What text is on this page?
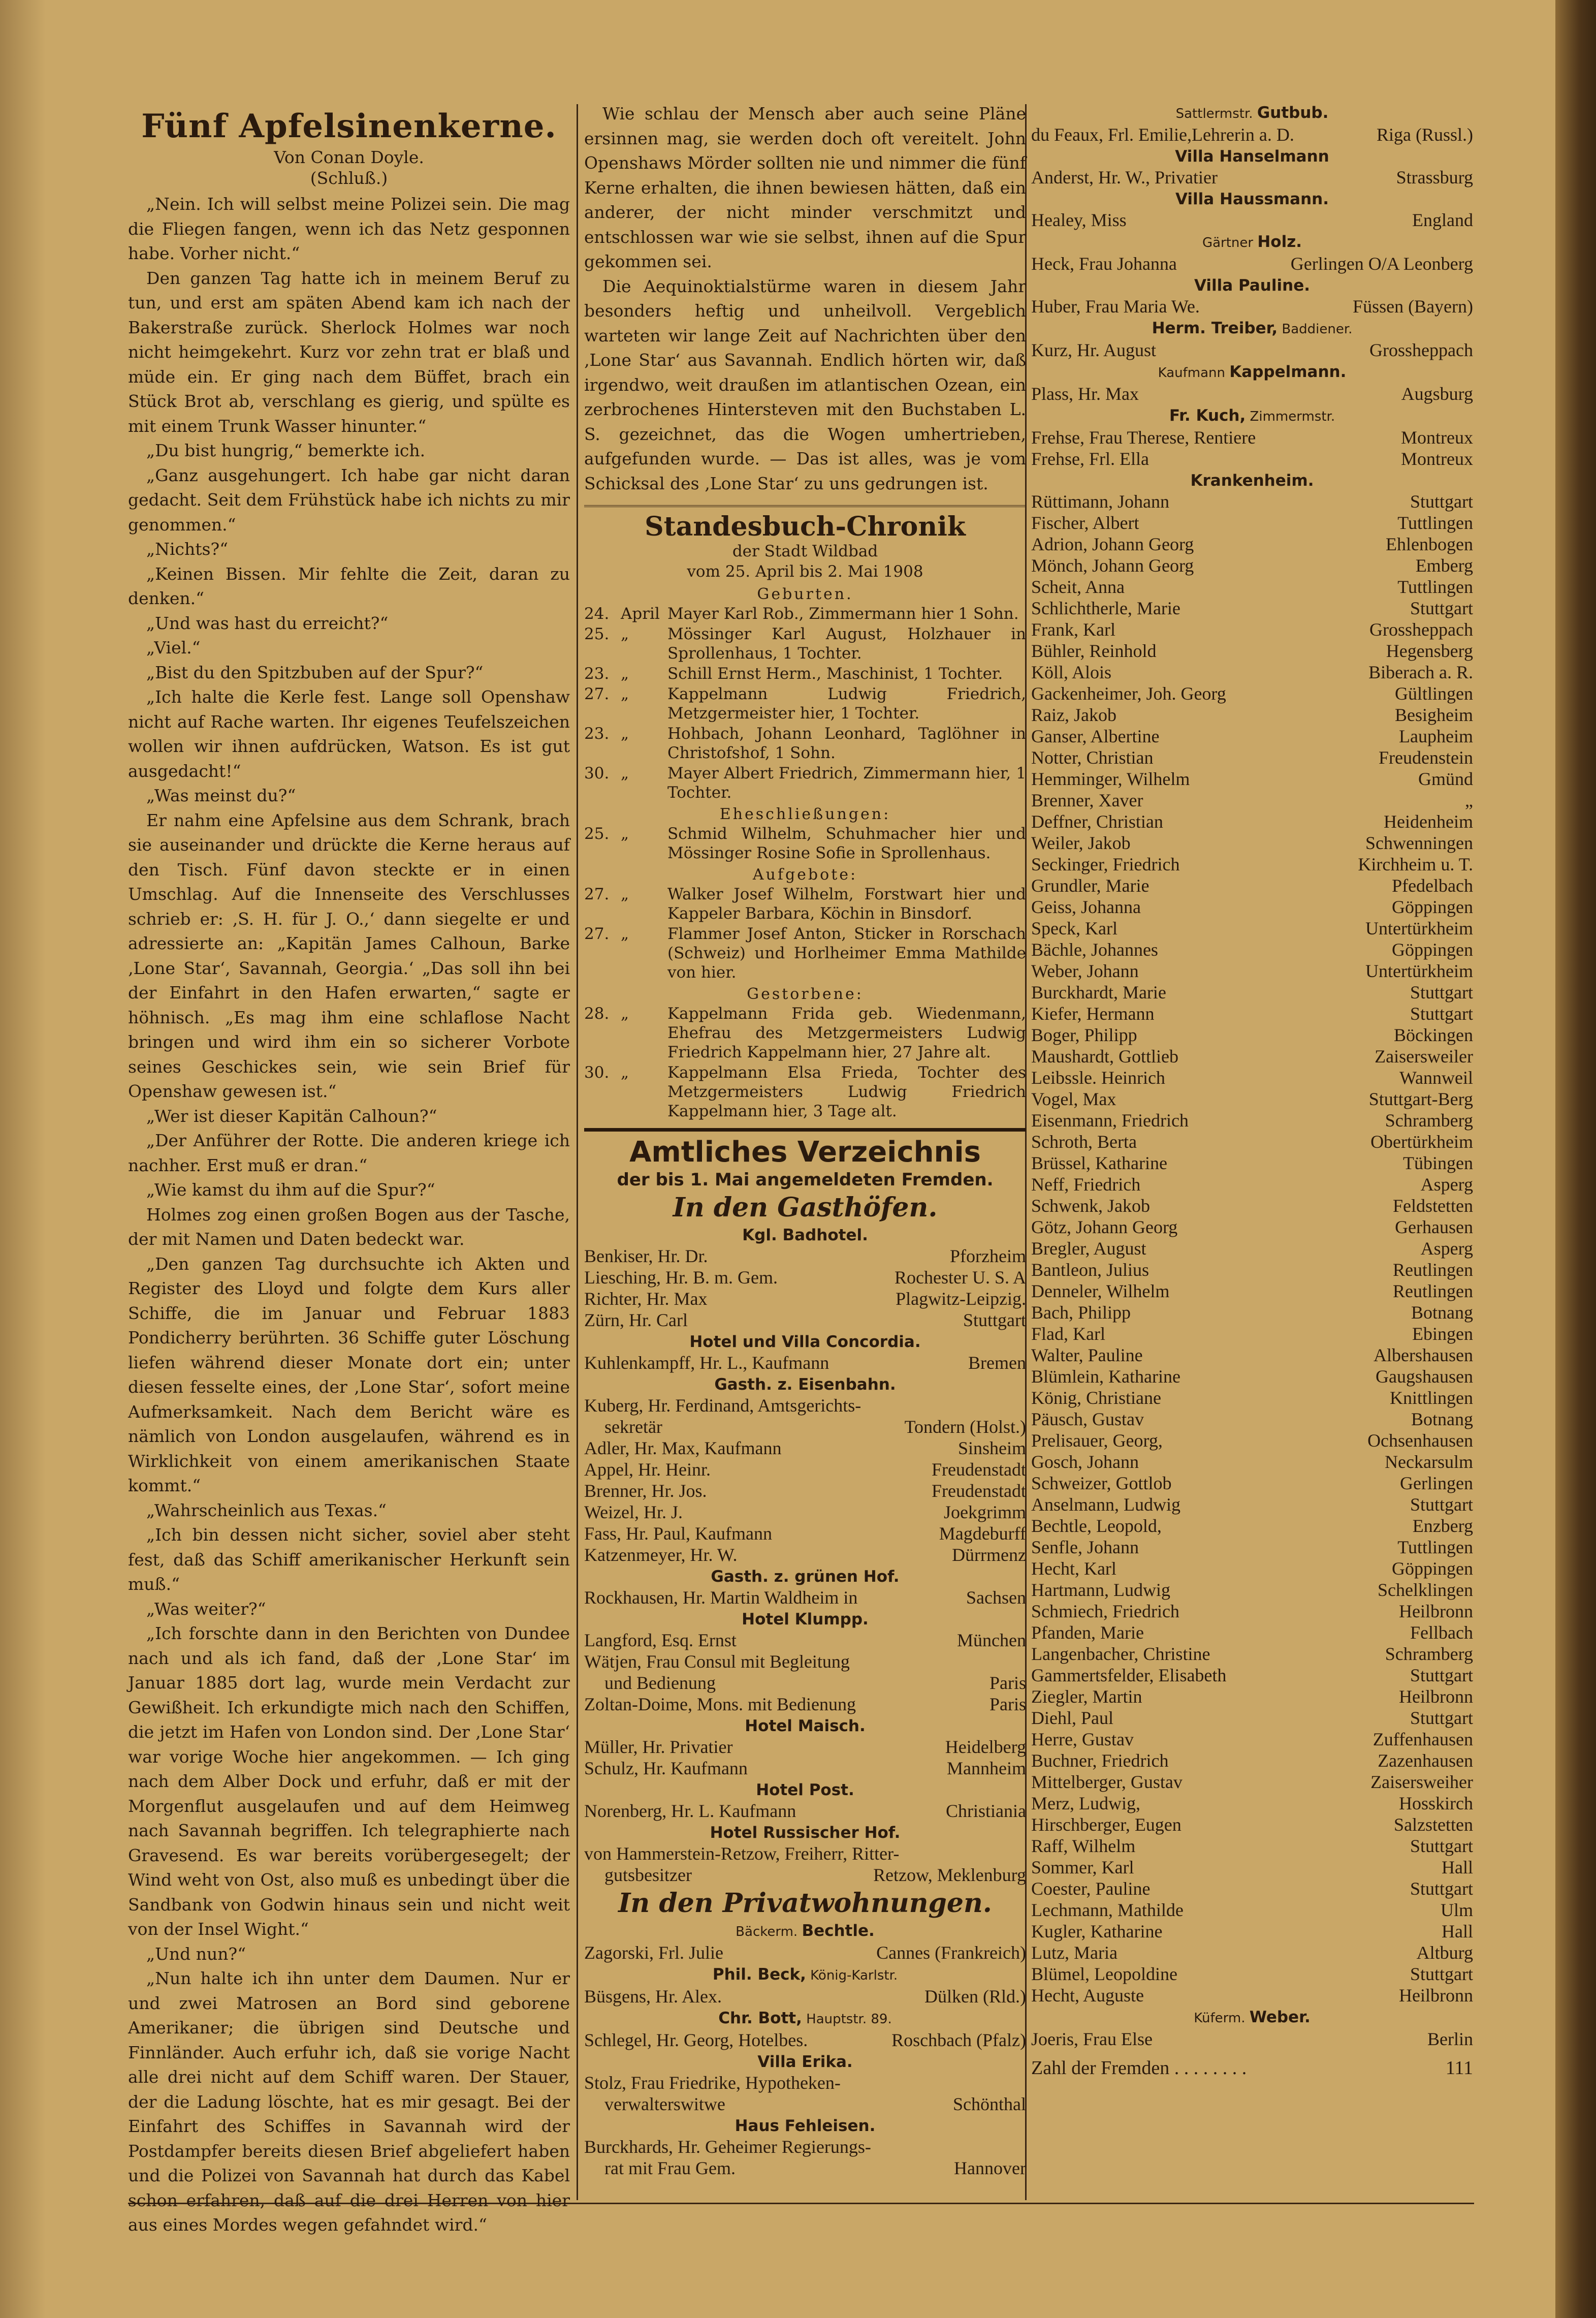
Fünf Apfelsinenkerne.
Von Conan Doyle.
(Schluß.)

„Nein. Ich will selbst meine Polizei sein. Die mag die Fliegen fangen, wenn ich das Netz gesponnen habe. Vorher nicht.“

Den ganzen Tag hatte ich in meinem Beruf zu tun, und erst am späten Abend kam ich nach der Bakerstraße zurück. Sherlock Holmes war noch nicht heimgekehrt. Kurz vor zehn trat er blaß und müde ein. Er ging nach dem Büffet, brach ein Stück Brot ab, verschlang es gierig, und spülte es mit einem Trunk Wasser hinunter.“

„Du bist hungrig,“ bemerkte ich.

„Ganz ausgehungert. Ich habe gar nicht daran gedacht. Seit dem Frühstück habe ich nichts zu mir genommen.“

„Nichts?“

„Keinen Bissen. Mir fehlte die Zeit, daran zu denken.“

„Und was hast du erreicht?“

„Viel.“

„Bist du den Spitzbuben auf der Spur?“

„Ich halte die Kerle fest. Lange soll Openshaw nicht auf Rache warten. Ihr eigenes Teufelszeichen wollen wir ihnen aufdrücken, Watson. Es ist gut ausgedacht!“

„Was meinst du?“

Er nahm eine Apfelsine aus dem Schrank, brach sie auseinander und drückte die Kerne heraus auf den Tisch. Fünf davon steckte er in einen Umschlag. Auf die Innenseite des Verschlusses schrieb er: ‚S. H. für J. O.,‘ dann siegelte er und adressierte an: „Kapitän James Calhoun, Barke ‚Lone Star‘, Savannah, Georgia.‘ „Das soll ihn bei der Einfahrt in den Hafen erwarten,“ sagte er höhnisch. „Es mag ihm eine schlaflose Nacht bringen und wird ihm ein so sicherer Vorbote seines Geschickes sein, wie sein Brief für Openshaw gewesen ist.“

„Wer ist dieser Kapitän Calhoun?“

„Der Anführer der Rotte. Die anderen kriege ich nachher. Erst muß er dran.“

„Wie kamst du ihm auf die Spur?“

Holmes zog einen großen Bogen aus der Tasche, der mit Namen und Daten bedeckt war.

„Den ganzen Tag durchsuchte ich Akten und Register des Lloyd und folgte dem Kurs aller Schiffe, die im Januar und Februar 1883 Pondicherry berührten. 36 Schiffe guter Löschung liefen während dieser Monate dort ein; unter diesen fesselte eines, der ‚Lone Star‘, sofort meine Aufmerksamkeit. Nach dem Bericht wäre es nämlich von London ausgelaufen, während es in Wirklichkeit von einem amerikanischen Staate kommt.“

„Wahrscheinlich aus Texas.“

„Ich bin dessen nicht sicher, soviel aber steht fest, daß das Schiff amerikanischer Herkunft sein muß.“

„Was weiter?“

„Ich forschte dann in den Berichten von Dundee nach und als ich fand, daß der ‚Lone Star‘ im Januar 1885 dort lag, wurde mein Verdacht zur Gewißheit. Ich erkundigte mich nach den Schiffen, die jetzt im Hafen von London sind. Der ‚Lone Star‘ war vorige Woche hier angekommen. — Ich ging nach dem Alber Dock und erfuhr, daß er mit der Morgenflut ausgelaufen und auf dem Heimweg nach Savannah begriffen. Ich telegraphierte nach Gravesend. Es war bereits vorübergesegelt; der Wind weht von Ost, also muß es unbedingt über die Sandbank von Godwin hinaus sein und nicht weit von der Insel Wight.“

„Und nun?“

„Nun halte ich ihn unter dem Daumen. Nur er und zwei Matrosen an Bord sind geborene Amerikaner; die übrigen sind Deutsche und Finnländer. Auch erfuhr ich, daß sie vorige Nacht alle drei nicht auf dem Schiff waren. Der Stauer, der die Ladung löschte, hat es mir gesagt. Bei der Einfahrt des Schiffes in Savannah wird der Postdampfer bereits diesen Brief abgeliefert haben und die Polizei von Savannah hat durch das Kabel schon erfahren, daß auf die drei Herren von hier aus eines Mordes wegen gefahndet wird.“

Wie schlau der Mensch aber auch seine Pläne ersinnen mag, sie werden doch oft vereitelt. John Openshaws Mörder sollten nie und nimmer die fünf Kerne erhalten, die ihnen bewiesen hätten, daß ein anderer, der nicht minder verschmitzt und entschlossen war wie sie selbst, ihnen auf die Spur gekommen sei.

Die Aequinoktialstürme waren in diesem Jahr besonders heftig und unheilvoll. Vergeblich warteten wir lange Zeit auf Nachrichten über den ‚Lone Star‘ aus Savannah. Endlich hörten wir, daß irgendwo, weit draußen im atlantischen Ozean, ein zerbrochenes Hintersteven mit den Buchstaben L. S. gezeichnet, das die Wogen umhertrieben, aufgefunden wurde. — Das ist alles, was je vom Schicksal des ‚Lone Star‘ zu uns gedrungen ist.

Standesbuch-Chronik
der Stadt Wildbad
vom 25. April bis 2. Mai 1908
Geburten.
24. April Mayer Karl Rob., Zimmermann hier 1 Sohn.
25. „	Mössinger Karl August, Holzhauer in Sprollenhaus, 1 Tochter.
23. „	Schill Ernst Herm., Maschinist, 1 Tochter.
27. „	Kappelmann Ludwig Friedrich, Metzgermeister hier, 1 Tochter.
23. „	Hohbach, Johann Leonhard, Taglöhner in Christofshof, 1 Sohn.
30. „	Mayer Albert Friedrich, Zimmermann hier, 1 Tochter.
Eheschließungen:
25. „	Schmid Wilhelm, Schuhmacher hier und Mössinger Rosine Sofie in Sprollenhaus.
Aufgebote:
27. „	Walker Josef Wilhelm, Forstwart hier und Kappeler Barbara, Köchin in Binsdorf.
27. „	Flammer Josef Anton, Sticker in Rorschach (Schweiz) und Horlheimer Emma Mathilde von hier.
Gestorbene:
28. „	Kappelmann Frida geb. Wiedenmann, Ehefrau des Metzgermeisters Ludwig Friedrich Kappelmann hier, 27 Jahre alt.
30. „	Kappelmann Elsa Frieda, Tochter des Metzgermeisters Ludwig Friedrich Kappelmann hier, 3 Tage alt.
Amtliches Verzeichnis
der bis 1. Mai angemeldeten Fremden.
In den Gasthöfen.
Kgl. Badhotel.
Benkiser, Hr. Dr.	Pforzheim
Liesching, Hr. B. m. Gem.	Rochester U. S. A
Richter, Hr. Max	Plagwitz-Leipzig.
Zürn, Hr. Carl	Stuttgart
Hotel und Villa Concordia.
Kuhlenkampff, Hr. L., Kaufmann	Bremen
Gasth. z. Eisenbahn.
Kuberg, Hr. Ferdinand, Amtsgerichts-
sekretär	Tondern (Holst.)
Adler, Hr. Max, Kaufmann	Sinsheim
Appel, Hr. Heinr.	Freudenstadt
Brenner, Hr. Jos.	Freudenstadt
Weizel, Hr. J.	Joekgrimm
Fass, Hr. Paul, Kaufmann	Magdeburff
Katzenmeyer, Hr. W.	Dürrmenz
Gasth. z. grünen Hof.
Rockhausen, Hr. Martin Waldheim in	Sachsen
Hotel Klumpp.
Langford, Esq. Ernst	München
Wätjen, Frau Consul mit Begleitung
und Bedienung	Paris
Zoltan-Doime, Mons. mit Bedienung	Paris
Hotel Maisch.
Müller, Hr. Privatier	Heidelberg
Schulz, Hr. Kaufmann	Mannheim
Hotel Post.
Norenberg, Hr. L. Kaufmann	Christiania
Hotel Russischer Hof.
von Hammerstein-Retzow, Freiherr, Ritter-
gutsbesitzer	Retzow, Meklenburg
In den Privatwohnungen.
Bäckerm. Bechtle.
Zagorski, Frl. Julie	Cannes (Frankreich)
Phil. Beck, König-Karlstr.
Büsgens, Hr. Alex.	Dülken (Rld.)
Chr. Bott, Hauptstr. 89.
Schlegel, Hr. Georg, Hotelbes.	Roschbach (Pfalz)
Villa Erika.
Stolz, Frau Friedrike, Hypotheken-
verwalterswitwe	Schönthal
Haus Fehleisen.
Burckhards, Hr. Geheimer Regierungs-
rat mit Frau Gem.	Hannover
Sattlermstr. Gutbub.
du Feaux, Frl. Emilie,Lehrerin a. D.	Riga (Russl.)
Villa Hanselmann
Anderst, Hr. W., Privatier	Strassburg
Villa Haussmann.
Healey, Miss	England
Gärtner Holz.
Heck, Frau Johanna	Gerlingen O/A Leonberg
Villa Pauline.
Huber, Frau Maria We.	Füssen (Bayern)
Herm. Treiber, Baddiener.
Kurz, Hr. August	Grossheppach
Kaufmann Kappelmann.
Plass, Hr. Max	Augsburg
Fr. Kuch, Zimmermstr.
Frehse, Frau Therese, Rentiere	Montreux
Frehse, Frl. Ella	Montreux
Krankenheim.
Rüttimann, Johann	Stuttgart
Fischer, Albert	Tuttlingen
Adrion, Johann Georg	Ehlenbogen
Mönch, Johann Georg	Emberg
Scheit, Anna	Tuttlingen
Schlichtherle, Marie	Stuttgart
Frank, Karl	Grossheppach
Bühler, Reinhold	Hegensberg
Köll, Alois	Biberach a. R.
Gackenheimer, Joh. Georg	Gültlingen
Raiz, Jakob	Besigheim
Ganser, Albertine	Laupheim
Notter, Christian	Freudenstein
Hemminger, Wilhelm	Gmünd
Brenner, Xaver	„
Deffner, Christian	Heidenheim
Weiler, Jakob	Schwenningen
Seckinger, Friedrich	Kirchheim u. T.
Grundler, Marie	Pfedelbach
Geiss, Johanna	Göppingen
Speck, Karl	Untertürkheim
Bächle, Johannes	Göppingen
Weber, Johann	Untertürkheim
Burckhardt, Marie	Stuttgart
Kiefer, Hermann	Stuttgart
Boger, Philipp	Böckingen
Maushardt, Gottlieb	Zaisersweiler
Leibssle. Heinrich	Wannweil
Vogel, Max	Stuttgart-Berg
Eisenmann, Friedrich	Schramberg
Schroth, Berta	Obertürkheim
Brüssel, Katharine	Tübingen
Neff, Friedrich	Asperg
Schwenk, Jakob	Feldstetten
Götz, Johann Georg	Gerhausen
Bregler, August	Asperg
Bantleon, Julius	Reutlingen
Denneler, Wilhelm	Reutlingen
Bach, Philipp	Botnang
Flad, Karl	Ebingen
Walter, Pauline	Albershausen
Blümlein, Katharine	Gaugshausen
König, Christiane	Knittlingen
Päusch, Gustav	Botnang
Prelisauer, Georg,	Ochsenhausen
Gosch, Johann	Neckarsulm
Schweizer, Gottlob	Gerlingen
Anselmann, Ludwig	Stuttgart
Bechtle, Leopold,	Enzberg
Senfle, Johann	Tuttlingen
Hecht, Karl	Göppingen
Hartmann, Ludwig	Schelklingen
Schmiech, Friedrich	Heilbronn
Pfanden, Marie	Fellbach
Langenbacher, Christine	Schramberg
Gammertsfelder, Elisabeth	Stuttgart
Ziegler, Martin	Heilbronn
Diehl, Paul	Stuttgart
Herre, Gustav	Zuffenhausen
Buchner, Friedrich	Zazenhausen
Mittelberger, Gustav	Zaisersweiher
Merz, Ludwig,	Hosskirch
Hirschberger, Eugen	Salzstetten
Raff, Wilhelm	Stuttgart
Sommer, Karl	Hall
Coester, Pauline	Stuttgart
Lechmann, Mathilde	Ulm
Kugler, Katharine	Hall
Lutz, Maria	Altburg
Blümel, Leopoldine	Stuttgart
Hecht, Auguste	Heilbronn
Küferm. Weber.
Joeris, Frau Else	Berlin
Zahl der Fremden . . . . . . . .	111
